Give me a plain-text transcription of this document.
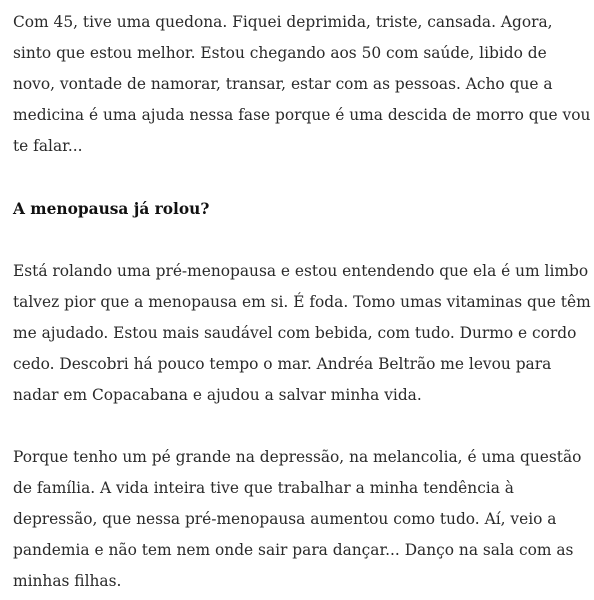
Com 45, tive uma quedona. Fiquei deprimida, triste, cansada. Agora, sinto que estou melhor. Estou chegando aos 50 com saúde, libido de novo, vontade de namorar, transar, estar com as pessoas. Acho que a medicina é uma ajuda nessa fase porque é uma descida de morro que vou te falar...

A menopausa já rolou?

Está rolando uma pré-menopausa e estou entendendo que ela é um limbo talvez pior que a menopausa em si. É foda. Tomo umas vitaminas que têm me ajudado. Estou mais saudável com bebida, com tudo. Durmo e cordo cedo. Descobri há pouco tempo o mar. Andréa Beltrão me levou para nadar em Copacabana e ajudou a salvar minha vida.

Porque tenho um pé grande na depressão, na melancolia, é uma questão de família. A vida inteira tive que trabalhar a minha tendência à depressão, que nessa pré-menopausa aumentou como tudo. Aí, veio a pandemia e não tem nem onde sair para dançar... Danço na sala com as minhas filhas.
